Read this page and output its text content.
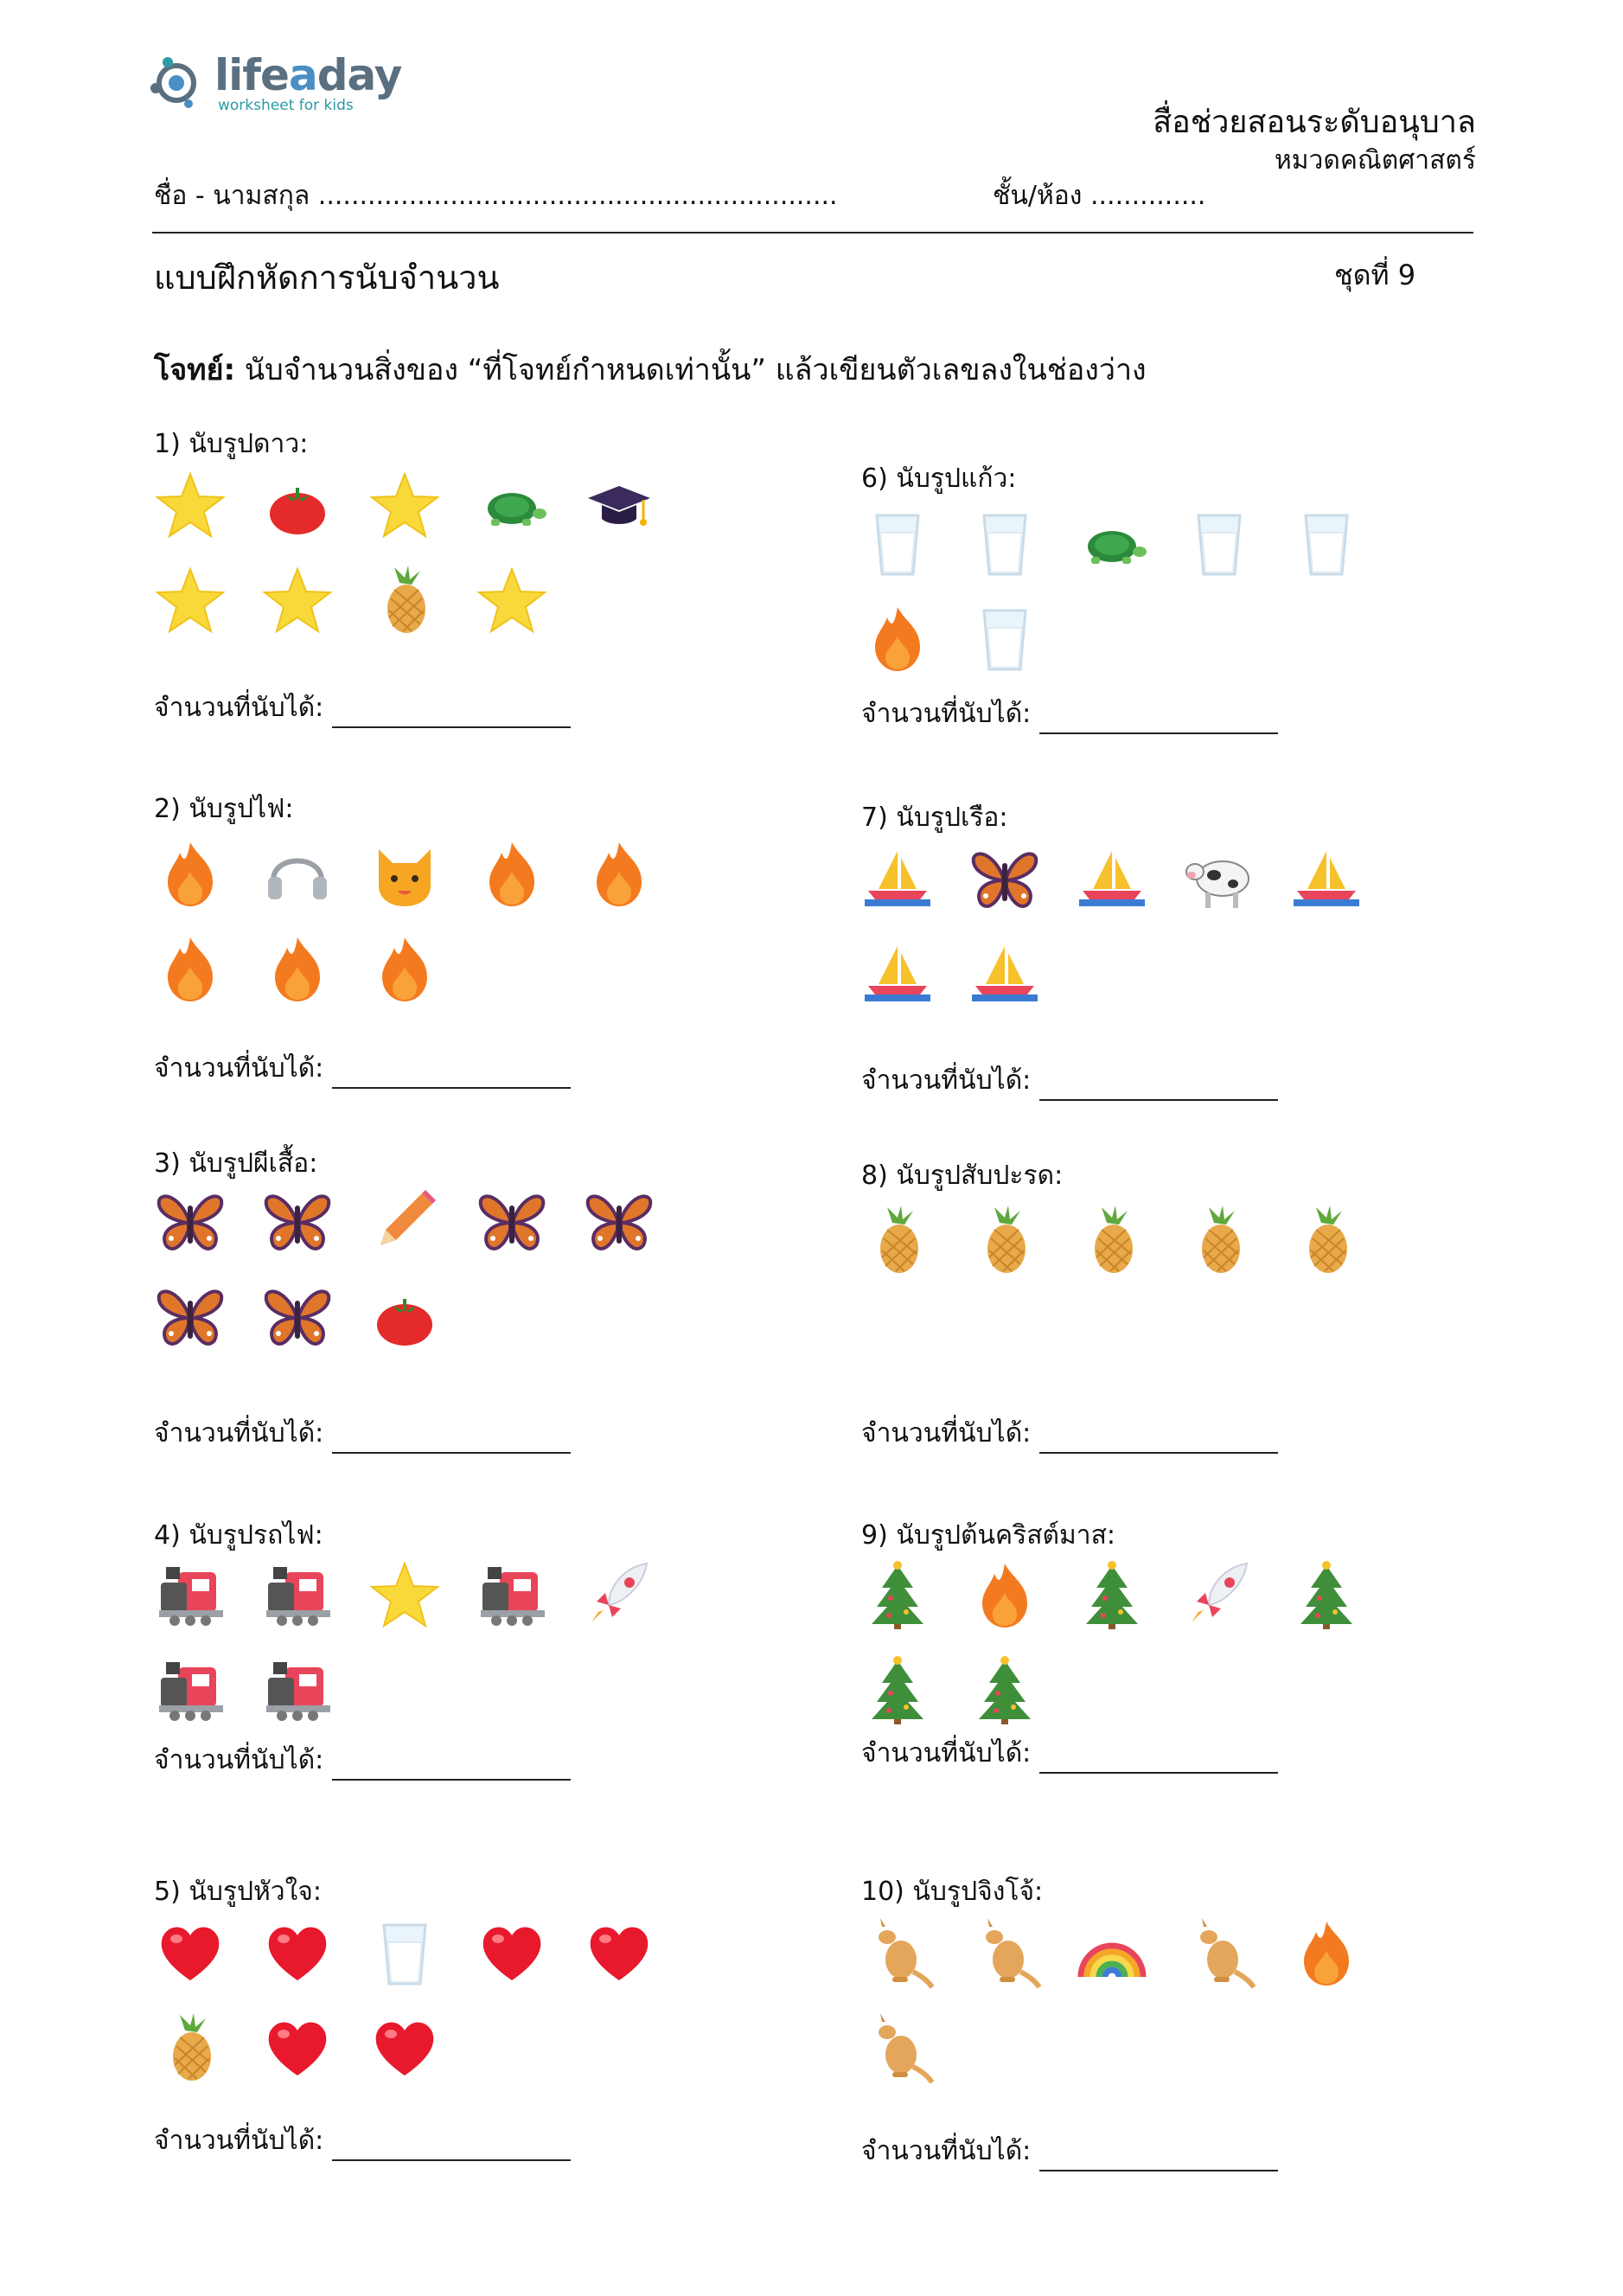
lifeaday
worksheet for kids	สื่อช่วยสอนระดับอนุบาล
หมวดคณิตศาสตร์
ชื่อ - นามสกุล ...............................................................	ชั้น/ห้อง ..............
แบบฝึกหัดการนับจำนวน	ชุดที่ 9
โจทย์: นับจำนวนสิ่งของ “ที่โจทย์กำหนดเท่านั้น” แล้วเขียนตัวเลขลงในช่องว่าง
1) นับรูปดาว:
จำนวนที่นับได้:
2) นับรูปไฟ:
จำนวนที่นับได้:
3) นับรูปผีเสื้อ:
จำนวนที่นับได้:
4) นับรูปรถไฟ:
จำนวนที่นับได้:
5) นับรูปหัวใจ:
จำนวนที่นับได้:
6) นับรูปแก้ว:
จำนวนที่นับได้:
7) นับรูปเรือ:
จำนวนที่นับได้:
8) นับรูปสับปะรด:
จำนวนที่นับได้:
9) นับรูปต้นคริสต์มาส:
จำนวนที่นับได้:
10) นับรูปจิงโจ้:
จำนวนที่นับได้:
